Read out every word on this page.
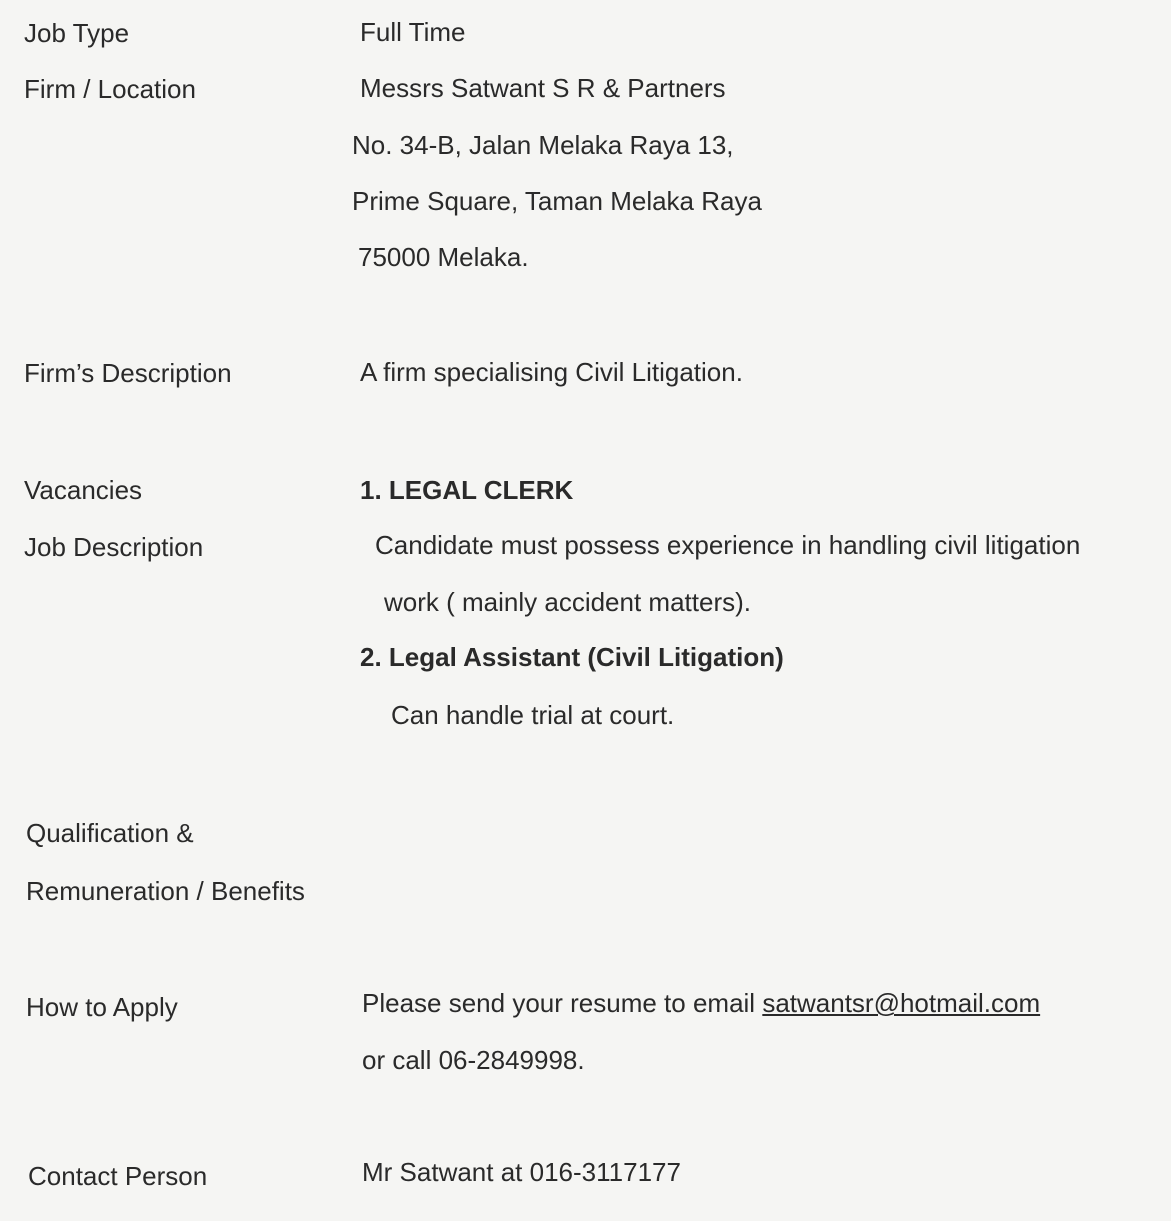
Job Type	Full Time
Firm / Location	Messrs Satwant S R & Partners
No. 34-B, Jalan Melaka Raya 13,
Prime Square, Taman Melaka Raya
75000 Melaka.
Firm’s Description	A firm specialising Civil Litigation.
Vacancies	1. LEGAL CLERK
Job Description	Candidate must possess experience in handling civil litigation
work ( mainly accident matters).
2. Legal Assistant (Civil Litigation)
Can handle trial at court.
Qualification &
Remuneration / Benefits
How to Apply	Please send your resume to email satwantsr@hotmail.com
or call 06-2849998.
Contact Person	Mr Satwant at 016-3117177
